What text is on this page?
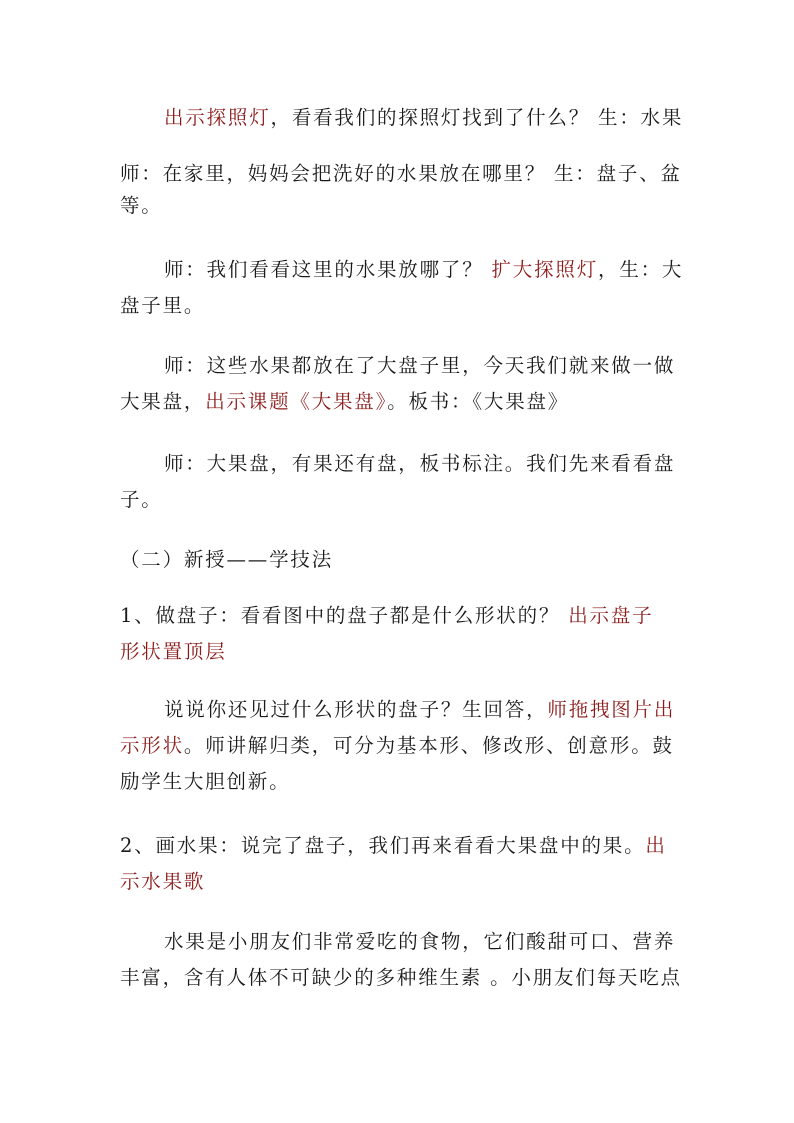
出示探照灯，看看我们的探照灯找到了什么？ 生：水果

师：在家里，妈妈会把洗好的水果放在哪里？ 生：盘子、盆
等。

师：我们看看这里的水果放哪了？ 扩大探照灯，生：大
盘子里。

师：这些水果都放在了大盘子里，今天我们就来做一做
大果盘，出示课题《大果盘》。板书：《大果盘》

师：大果盘，有果还有盘，板书标注。我们先来看看盘
子。

（二）新授——学技法

1、做盘子：看看图中的盘子都是什么形状的？ 出示盘子
形状置顶层

说说你还见过什么形状的盘子？生回答，师拖拽图片出
示形状。师讲解归类，可分为基本形、修改形、创意形。鼓
励学生大胆创新。

2、画水果：说完了盘子，我们再来看看大果盘中的果。出
示水果歌

水果是小朋友们非常爱吃的食物，它们酸甜可口、营养
丰富，含有人体不可缺少的多种维生素 。小朋友们每天吃点
